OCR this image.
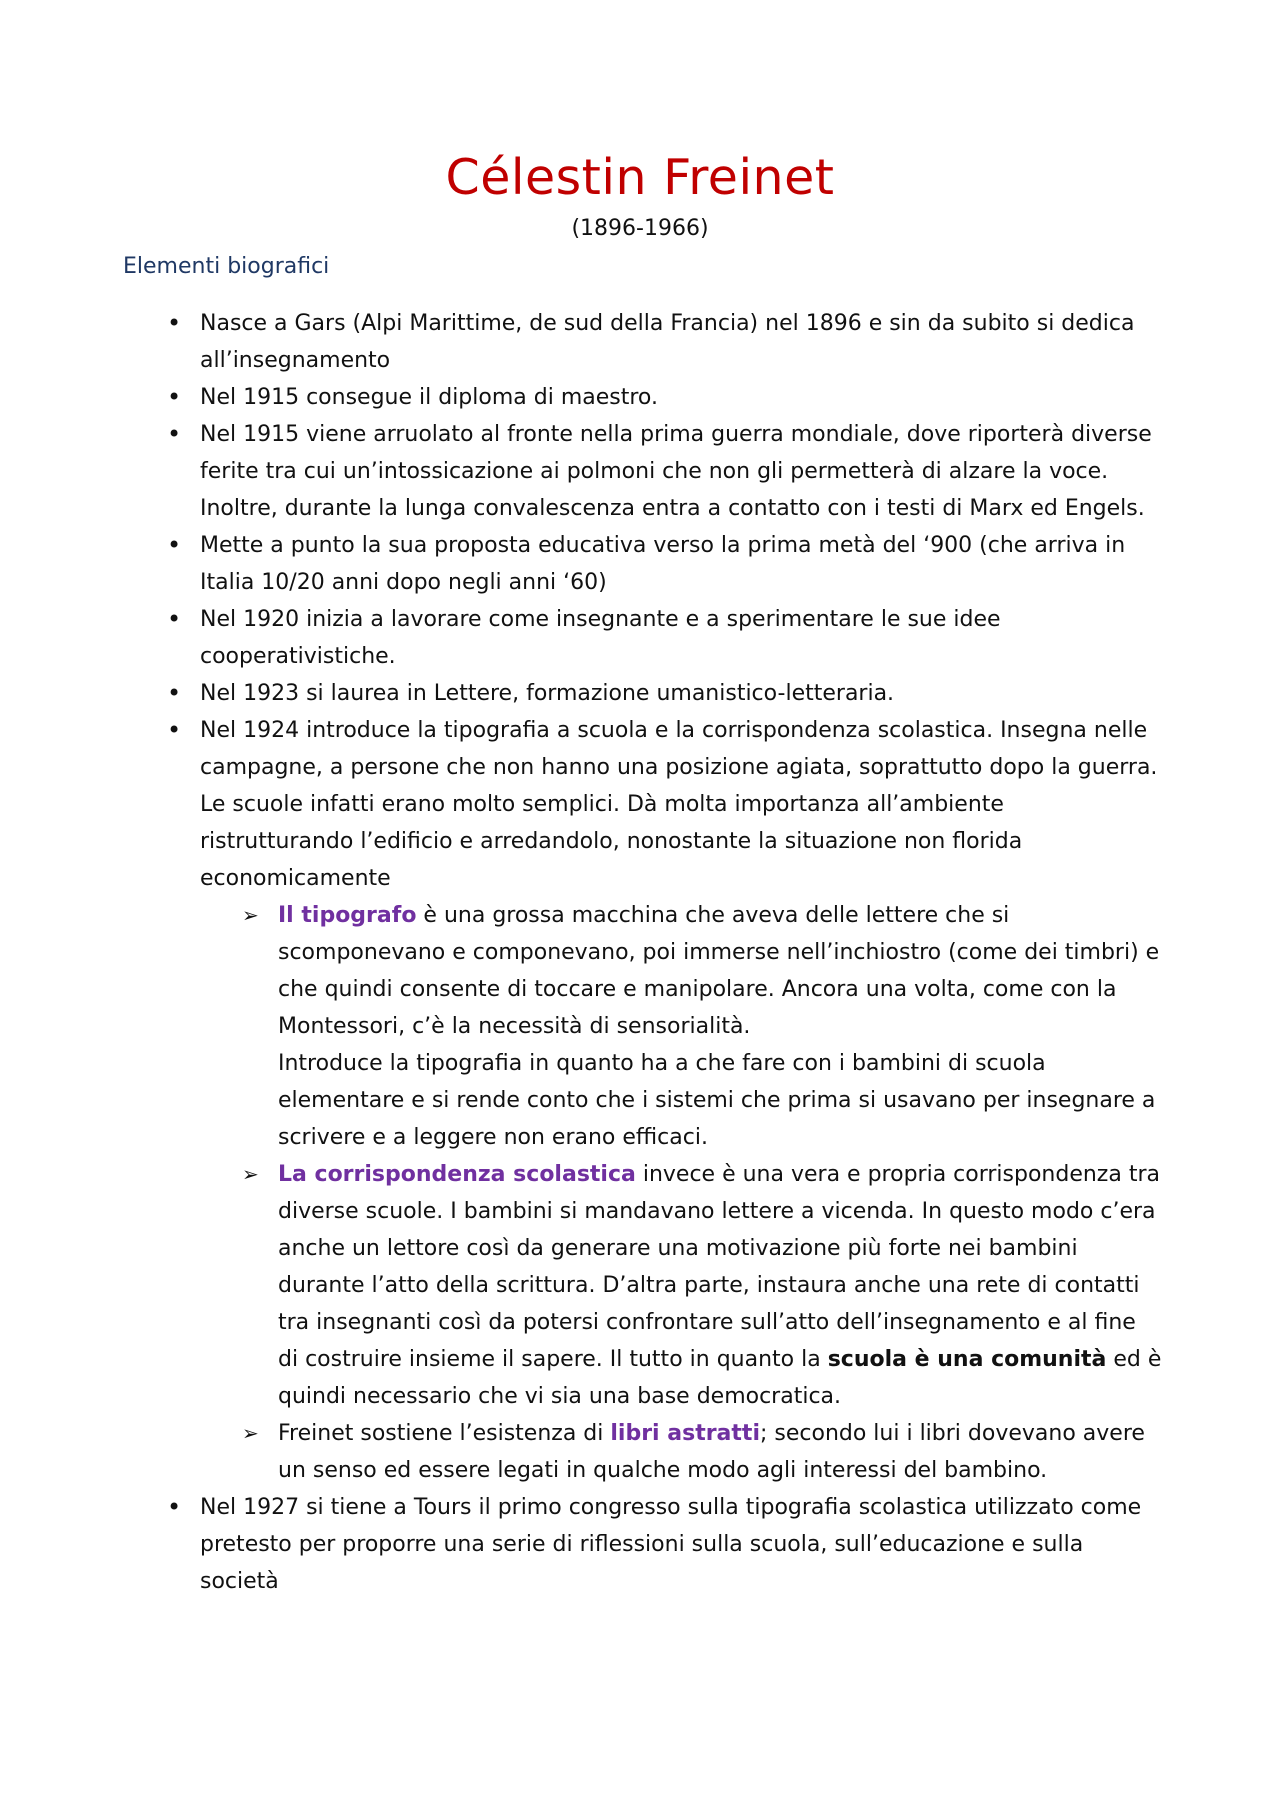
Célestin Freinet
(1896-1966)
Elementi biografici
• Nasce a Gars (Alpi Marittime, de sud della Francia) nel 1896 e sin da subito si dedica all’insegnamento
• Nel 1915 consegue il diploma di maestro.
• Nel 1915 viene arruolato al fronte nella prima guerra mondiale, dove riporterà diverse ferite tra cui un’intossicazione ai polmoni che non gli permetterà di alzare la voce. Inoltre, durante la lunga convalescenza entra a contatto con i testi di Marx ed Engels.
• Mette a punto la sua proposta educativa verso la prima metà del ‘900 (che arriva in Italia 10/20 anni dopo negli anni ‘60)
• Nel 1920 inizia a lavorare come insegnante e a sperimentare le sue idee cooperativistiche.
• Nel 1923 si laurea in Lettere, formazione umanistico-letteraria.
• Nel 1924 introduce la tipografia a scuola e la corrispondenza scolastica. Insegna nelle campagne, a persone che non hanno una posizione agiata, soprattutto dopo la guerra. Le scuole infatti erano molto semplici. Dà molta importanza all’ambiente ristrutturando l’edificio e arredandolo, nonostante la situazione non florida economicamente
➢ Il tipografo è una grossa macchina che aveva delle lettere che si scomponevano e componevano, poi immerse nell’inchiostro (come dei timbri) e che quindi consente di toccare e manipolare. Ancora una volta, come con la Montessori, c’è la necessità di sensorialità.
Introduce la tipografia in quanto ha a che fare con i bambini di scuola elementare e si rende conto che i sistemi che prima si usavano per insegnare a scrivere e a leggere non erano efficaci.
➢ La corrispondenza scolastica invece è una vera e propria corrispondenza tra diverse scuole. I bambini si mandavano lettere a vicenda. In questo modo c’era anche un lettore così da generare una motivazione più forte nei bambini durante l’atto della scrittura. D’altra parte, instaura anche una rete di contatti tra insegnanti così da potersi confrontare sull’atto dell’insegnamento e al fine di costruire insieme il sapere. Il tutto in quanto la scuola è una comunità ed è quindi necessario che vi sia una base democratica.
➢ Freinet sostiene l’esistenza di libri astratti; secondo lui i libri dovevano avere un senso ed essere legati in qualche modo agli interessi del bambino.
• Nel 1927 si tiene a Tours il primo congresso sulla tipografia scolastica utilizzato come pretesto per proporre una serie di riflessioni sulla scuola, sull’educazione e sulla società
